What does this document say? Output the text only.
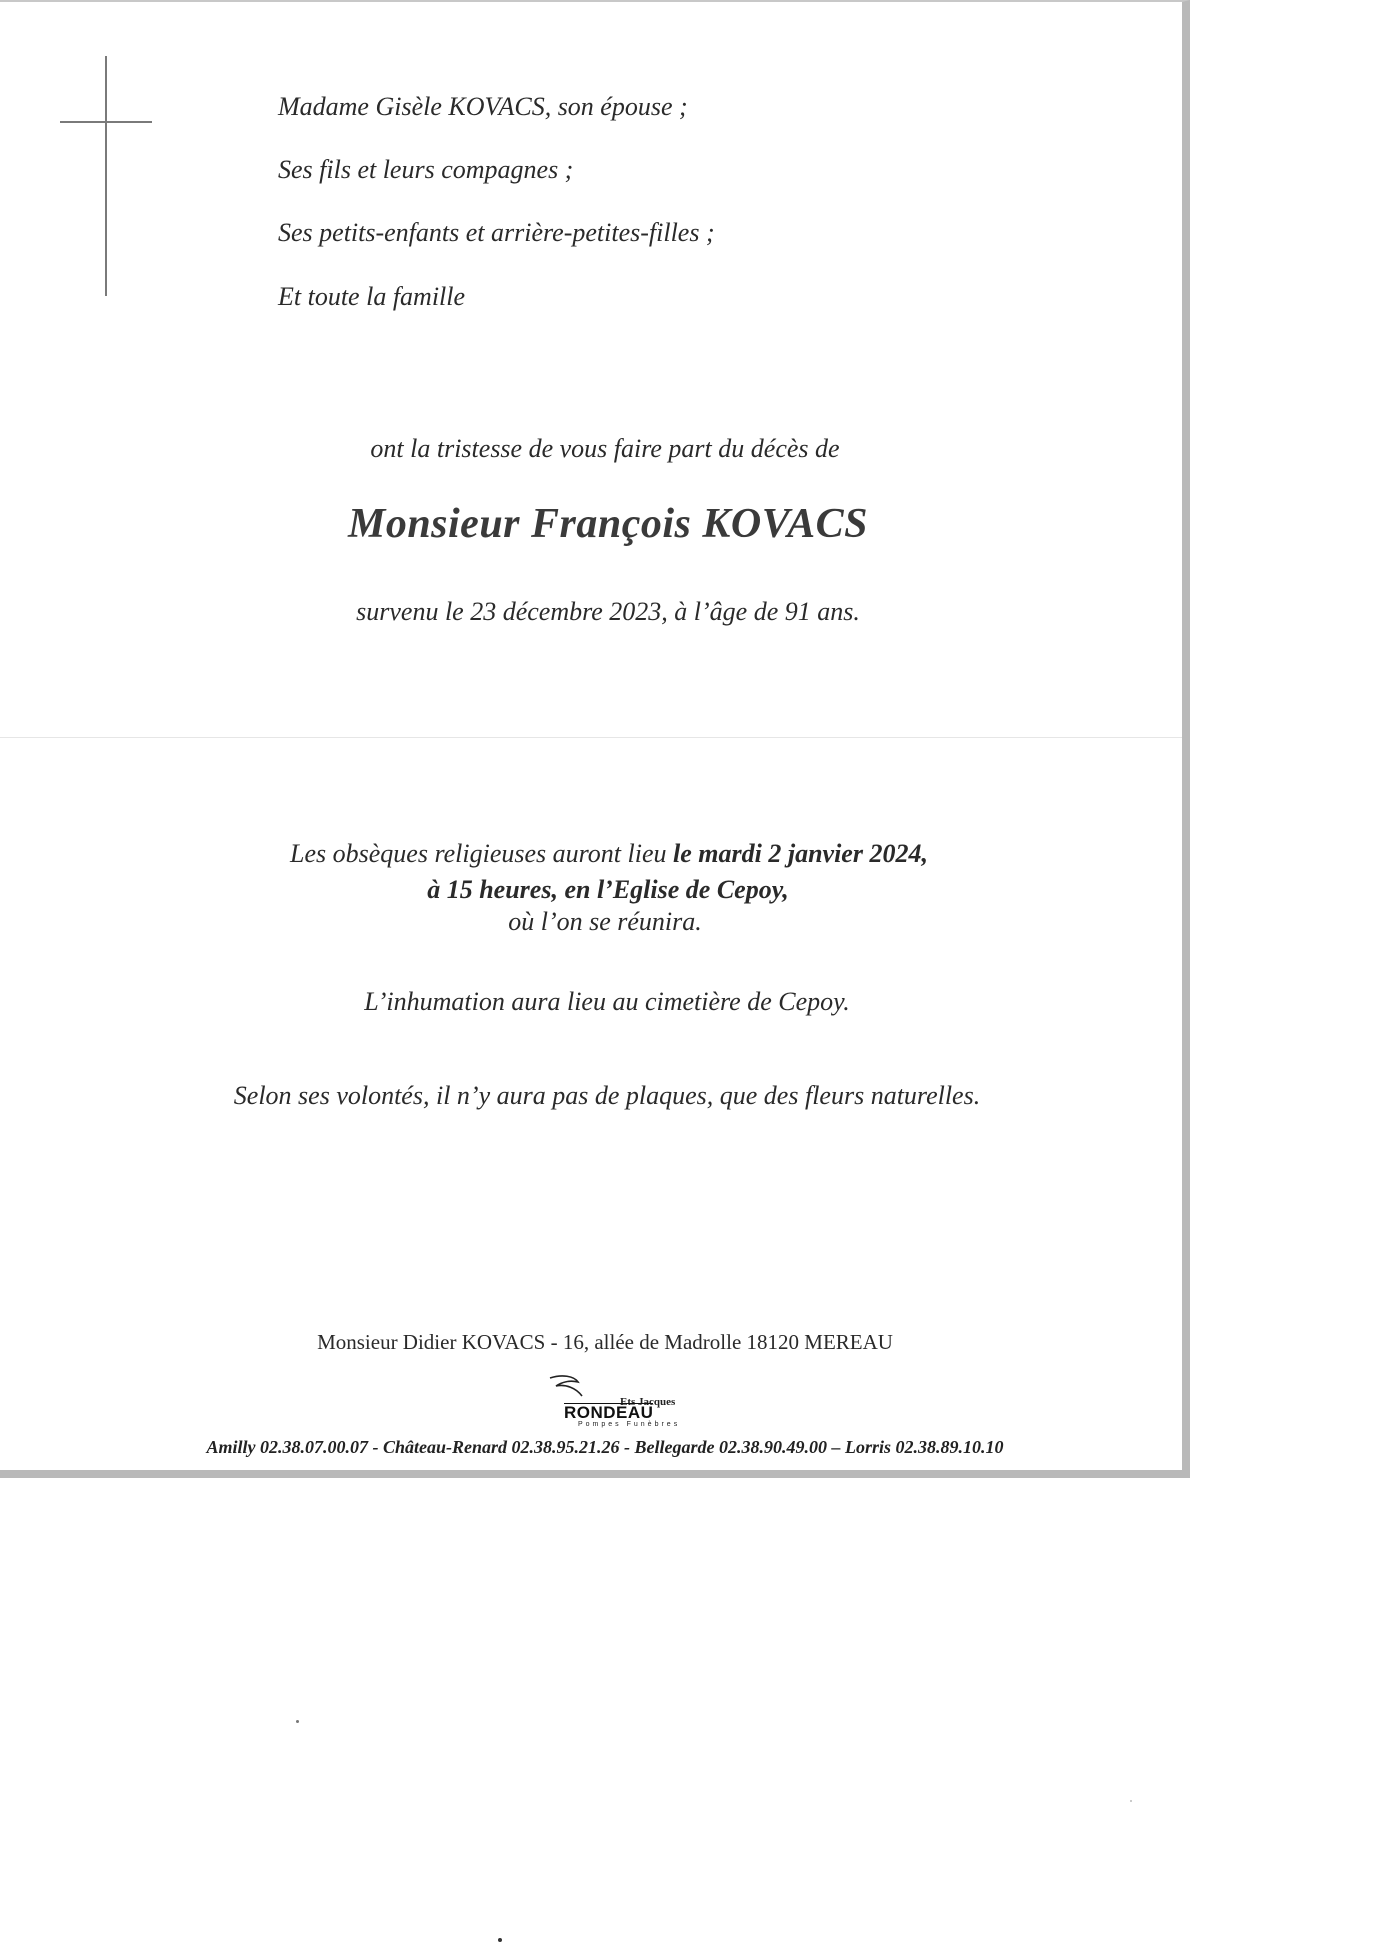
Madame Gisèle KOVACS, son épouse ;
Ses fils et leurs compagnes ;
Ses petits-enfants et arrière-petites-filles ;
Et toute la famille
ont la tristesse de vous faire part du décès de
Monsieur François KOVACS
survenu le 23 décembre 2023, à l’âge de 91 ans.
Les obsèques religieuses auront lieu le mardi 2 janvier 2024,
à 15 heures, en l’Eglise de Cepoy,
où l’on se réunira.
L’inhumation aura lieu au cimetière de Cepoy.
Selon ses volontés, il n’y aura pas de plaques, que des fleurs naturelles.
Monsieur Didier KOVACS - 16, allée de Madrolle 18120 MEREAU
Ets Jacques
RONDEAU
Pompes Funèbres
Amilly 02.38.07.00.07 - Château-Renard 02.38.95.21.26 - Bellegarde 02.38.90.49.00 – Lorris 02.38.89.10.10
